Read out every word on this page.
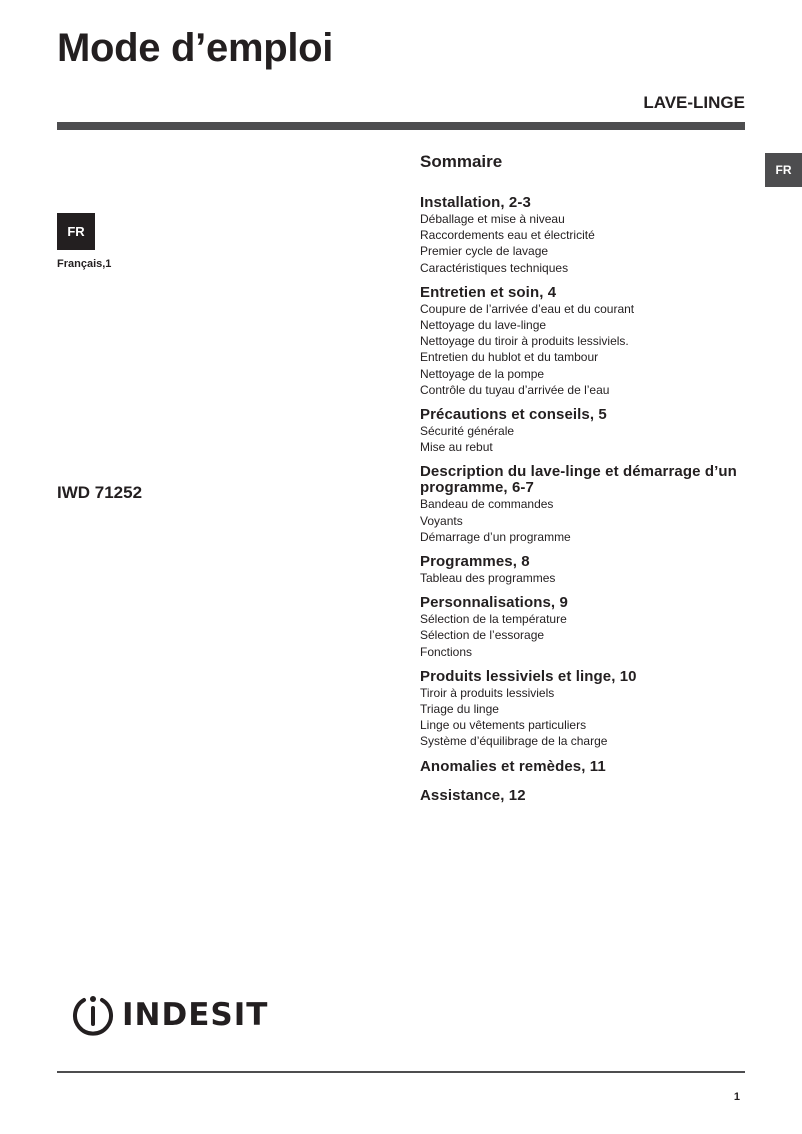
Mode d’emploi
LAVE-LINGE
FR
FR
Français,1
IWD 71252
Sommaire
Installation, 2-3
Déballage et mise à niveau
Raccordements eau et électricité
Premier cycle de lavage
Caractéristiques techniques
Entretien et soin, 4
Coupure de l’arrivée d’eau et du courant
Nettoyage du lave-linge
Nettoyage du tiroir à produits lessiviels.
Entretien du hublot et du tambour
Nettoyage de la pompe
Contrôle du tuyau d’arrivée de l’eau
Précautions et conseils, 5
Sécurité générale
Mise au rebut
Description du lave-linge et démarrage d’un programme, 6-7
Bandeau de commandes
Voyants
Démarrage d’un programme
Programmes, 8
Tableau des programmes
Personnalisations, 9
Sélection de la température
Sélection de l’essorage
Fonctions
Produits lessiviels et linge, 10
Tiroir à produits lessiviels
Triage du linge
Linge ou vêtements particuliers
Système d’équilibrage de la charge
Anomalies et remèdes, 11
Assistance, 12
INDESIT
1
